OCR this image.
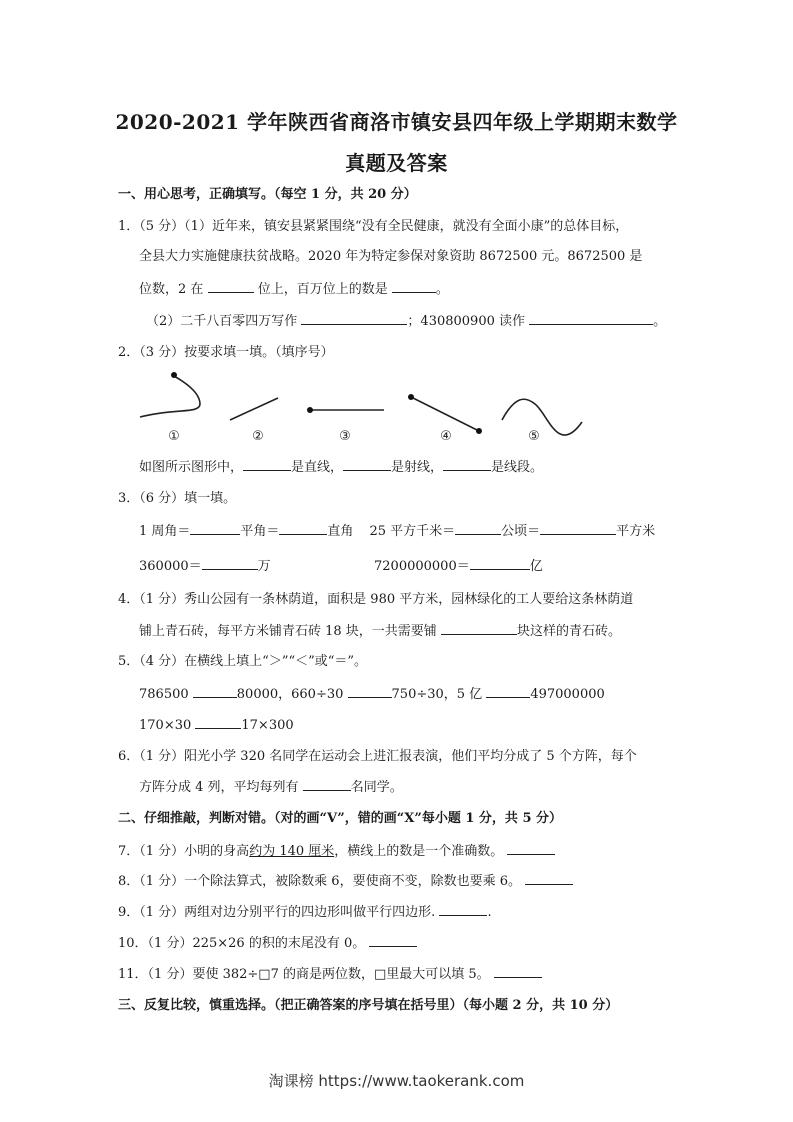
2020-2021 学年陕西省商洛市镇安县四年级上学期期末数学
真题及答案
一、用心思考，正确填写。（每空 1 分，共 20 分）
1．（5 分）（1）近年来，镇安县紧紧围绕“没有全民健康，就没有全面小康”的总体目标，
全县大力实施健康扶贫战略。2020 年为特定参保对象资助 8672500 元。8672500 是
位数，2 在	位上，百万位上的数是	。
（2）二千八百零四万写作	；430800900 读作	。
2．（3 分）按要求填一填。（填序号）
①	②	③	④	⑤
如图所示图形中，	是直线，	是射线，	是线段。
3．（6 分）填一填。
1 周角＝	平角＝	直角 25 平方千米＝	公顷＝	平方米
360000＝	万	7200000000＝	亿
4．（1 分）秀山公园有一条林荫道，面积是 980 平方米，园林绿化的工人要给这条林荫道
铺上青石砖，每平方米铺青石砖 18 块，一共需要铺	块这样的青石砖。
5．（4 分）在横线上填上“＞”“＜”或“＝”。
786500	80000，660÷30	750÷30，5 亿	497000000
170×30	17×300
6．（1 分）阳光小学 320 名同学在运动会上进汇报表演，他们平均分成了 5 个方阵，每个
方阵分成 4 列，平均每列有	名同学。
二、仔细推敲，判断对错。（对的画“V”，错的画“X”每小题 1 分，共 5 分）
7．（1 分）小明的身高约为 140 厘米，横线上的数是一个准确数。
8．（1 分）一个除法算式，被除数乘 6，要使商不变，除数也要乘 6。
9．（1 分）两组对边分别平行的四边形叫做平行四边形.	.
10．（1 分）225×26 的积的末尾没有 0。
11．（1 分）要使 382÷□7 的商是两位数，□里最大可以填 5。
三、反复比较，慎重选择。（把正确答案的序号填在括号里）（每小题 2 分，共 10 分）
淘课榜 https://www.taokerank.com
